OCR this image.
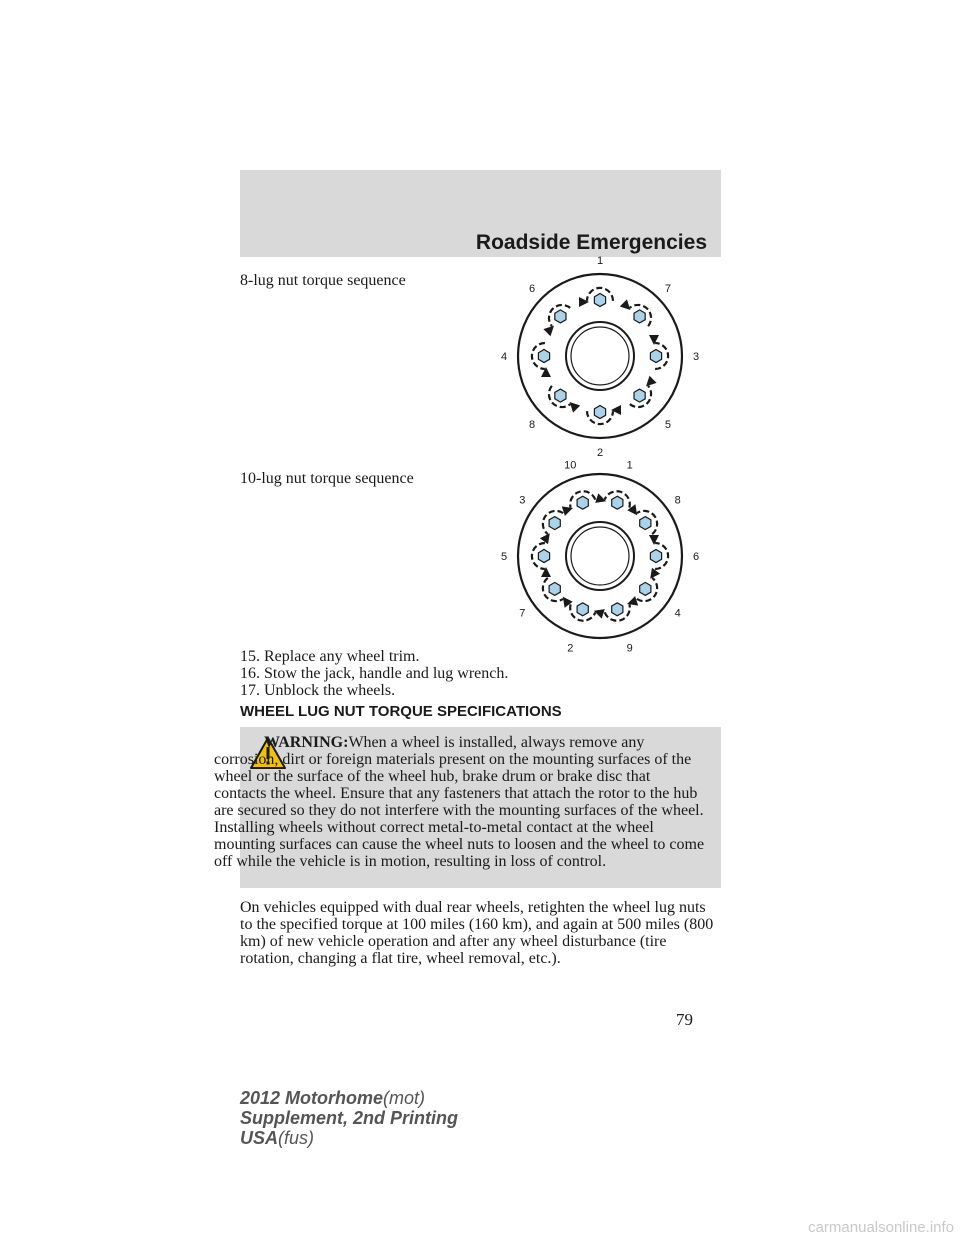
Roadside Emergencies
8-lug nut torque sequence
1
7
3
5
2
8
4
6
10-lug nut torque sequence
1
8
6
4
9
2
7
5
3
10
15. Replace any wheel trim.
16. Stow the jack, handle and lug wrench.
17. Unblock the wheels.
WHEEL LUG NUT TORQUE SPECIFICATIONS
WARNING:When a wheel is installed, always remove any corrosion, dirt or foreign materials present on the mounting surfaces of the wheel or the surface of the wheel hub, brake drum or brake disc that contacts the wheel. Ensure that any fasteners that attach the rotor to the hub are secured so they do not interfere with the mounting surfaces of the wheel. Installing wheels without correct metal-to-metal contact at the wheel mounting surfaces can cause the wheel nuts to loosen and the wheel to come off while the vehicle is in motion, resulting in loss of control.
On vehicles equipped with dual rear wheels, retighten the wheel lug nuts to the specified torque at 100 miles (160 km), and again at 500 miles (800 km) of new vehicle operation and after any wheel disturbance (tire rotation, changing a flat tire, wheel removal, etc.).
79
2012 Motorhome(mot)
Supplement, 2nd Printing
USA(fus)
carmanualsonline.info
